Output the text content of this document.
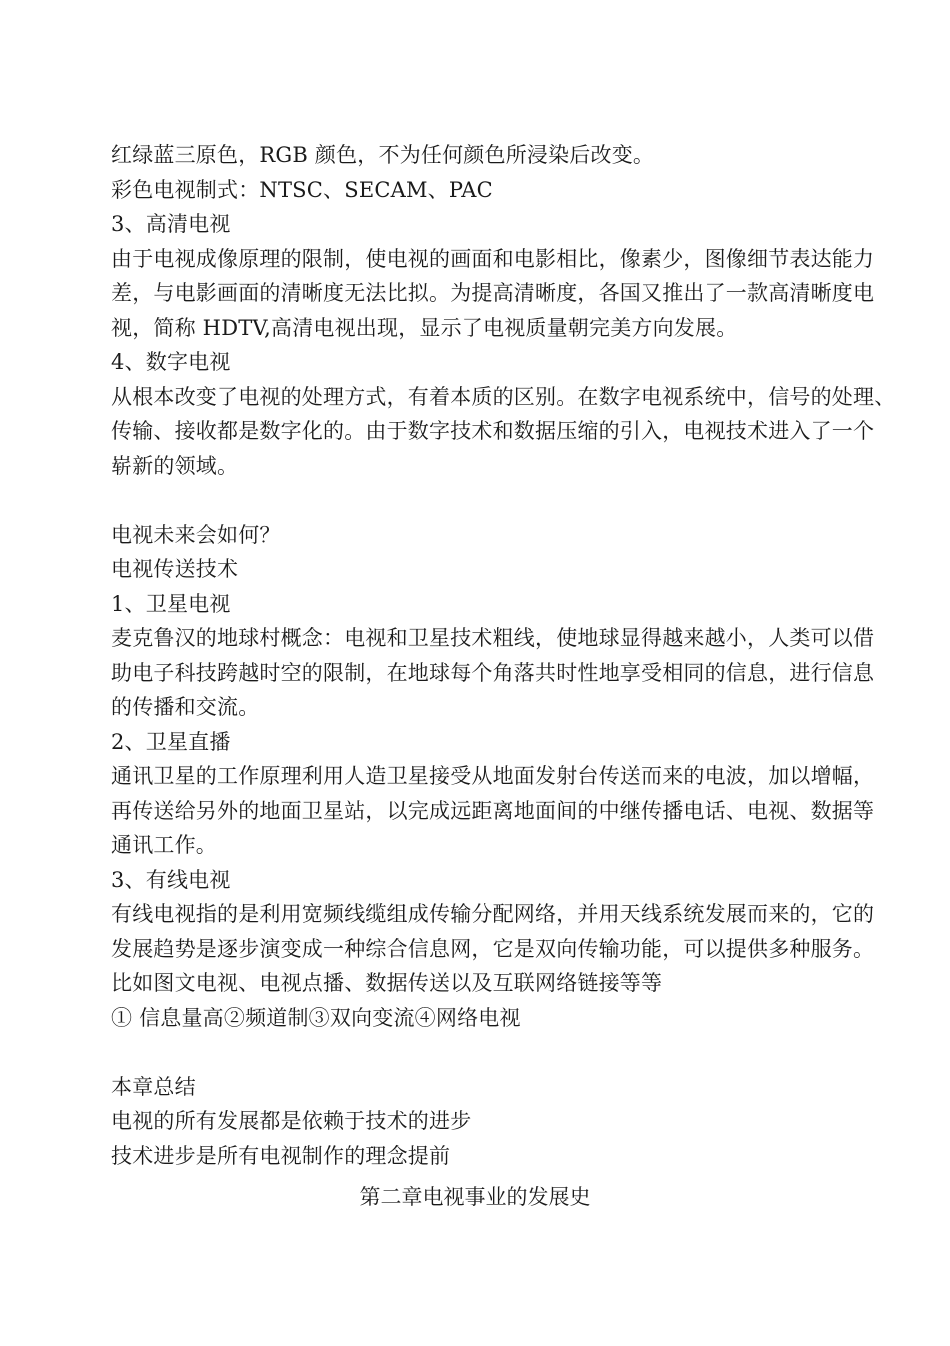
红绿蓝三原色，RGB 颜色，不为任何颜色所浸染后改变。
彩色电视制式：NTSC、SECAM、PAC
3、高清电视
由于电视成像原理的限制，使电视的画面和电影相比，像素少，图像细节表达能力
差，与电影画面的清晰度无法比拟。为提高清晰度，各国又推出了一款高清晰度电
视，简称 HDTV,高清电视出现，显示了电视质量朝完美方向发展。
4、数字电视
从根本改变了电视的处理方式，有着本质的区别。在数字电视系统中，信号的处理、
传输、接收都是数字化的。由于数字技术和数据压缩的引入，电视技术进入了一个
崭新的领域。
电视未来会如何？
电视传送技术
1、卫星电视
麦克鲁汉的地球村概念：电视和卫星技术粗线，使地球显得越来越小，人类可以借
助电子科技跨越时空的限制，在地球每个角落共时性地享受相同的信息，进行信息
的传播和交流。
2、卫星直播
通讯卫星的工作原理利用人造卫星接受从地面发射台传送而来的电波，加以增幅，
再传送给另外的地面卫星站，以完成远距离地面间的中继传播电话、电视、数据等
通讯工作。
3、有线电视
有线电视指的是利用宽频线缆组成传输分配网络，并用天线系统发展而来的，它的
发展趋势是逐步演变成一种综合信息网，它是双向传输功能，可以提供多种服务。
比如图文电视、电视点播、数据传送以及互联网络链接等等
① 信息量高②频道制③双向变流④网络电视
本章总结
电视的所有发展都是依赖于技术的进步
技术进步是所有电视制作的理念提前
第二章电视事业的发展史
